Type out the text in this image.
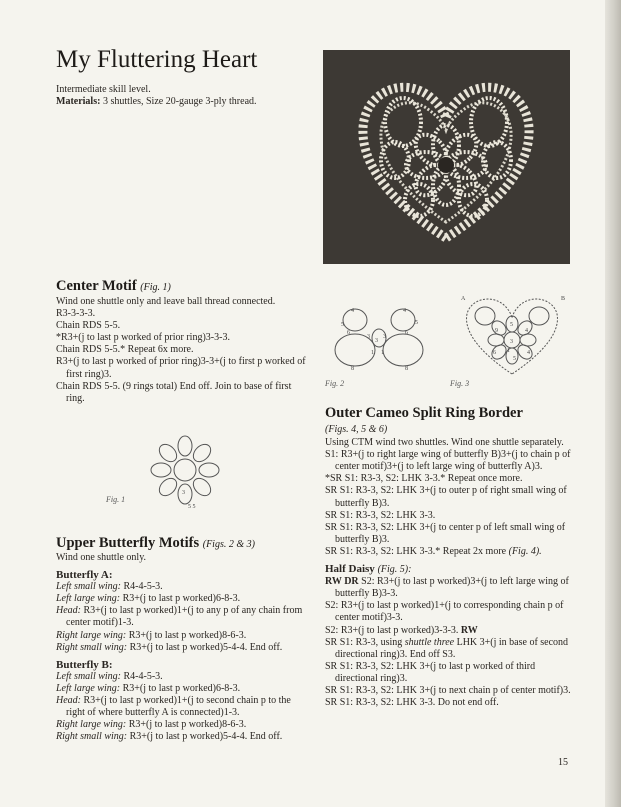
My Fluttering Heart

Intermediate skill level.

Materials: 3 shuttles, Size 20-gauge 3-ply thread.

Center Motif (Fig. 1)

Wind one shuttle only and leave ball thread connected.

R3-3-3-3.

Chain RDS 5-5.

*R3+(j to last p worked of prior ring)3-3-3.

Chain RDS 5-5.* Repeat 6x more.

R3+(j to last p worked of prior ring)3-3+(j to first p worked of first ring)3.

Chain RDS 5-5. (9 rings total) End off. Join to base of first ring.

3
5 5
Fig. 1
Upper Butterfly Motifs (Figs. 2 & 3)

Wind one shuttle only.

Butterfly A:

Left small wing: R4-4-5-3.

Left large wing: R3+(j to last p worked)6-8-3.

Head: R3+(j to last p worked)1+(j to any p of any chain from center motif)1-3.

Right large wing: R3+(j to last p worked)8-6-3.

Right small wing: R3+(j to last p worked)5-4-4. End off.

Butterfly B:

Left small wing: R4-4-5-3.

Left large wing: R3+(j to last p worked)6-8-3.

Head: R3+(j to last p worked)1+(j to second chain p to the right of where butterfly A is connected)1-3.

Right large wing: R3+(j to last p worked)8-6-3.

Right small wing: R3+(j to last p worked)5-4-4. End off.

4
5
6
3
3
3
1 1
8	8
4
5
6
Fig. 2
A	B
9
5
4
3
1
6
5
4
Fig. 3
Outer Cameo Split Ring Border

(Figs. 4, 5 & 6)

Using CTM wind two shuttles. Wind one shuttle separately.

S1: R3+(j to right large wing of butterfly B)3+(j to chain p of center motif)3+(j to left large wing of butterfly A)3.

*SR S1: R3-3, S2: LHK 3-3.* Repeat once more.

SR S1: R3-3, S2: LHK 3+(j to outer p of right small wing of butterfly B)3.

SR S1: R3-3, S2: LHK 3-3.

SR S1: R3-3, S2: LHK 3+(j to center p of left small wing of butterfly B)3.

SR S1: R3-3, S2: LHK 3-3.* Repeat 2x more (Fig. 4).

Half Daisy (Fig. 5):

RW DR S2: R3+(j to last p worked)3+(j to left large wing of butterfly B)3-3.

S2: R3+(j to last p worked)1+(j to corresponding chain p of center motif)3-3.

S2: R3+(j to last p worked)3-3-3. RW

SR S1: R3-3, using shuttle three LHK 3+(j in base of second directional ring)3. End off S3.

SR S1: R3-3, S2: LHK 3+(j to last p worked of third directional ring)3.

SR S1: R3-3, S2: LHK 3+(j to next chain p of center motif)3.

SR S1: R3-3, S2: LHK 3-3. Do not end off.

15
